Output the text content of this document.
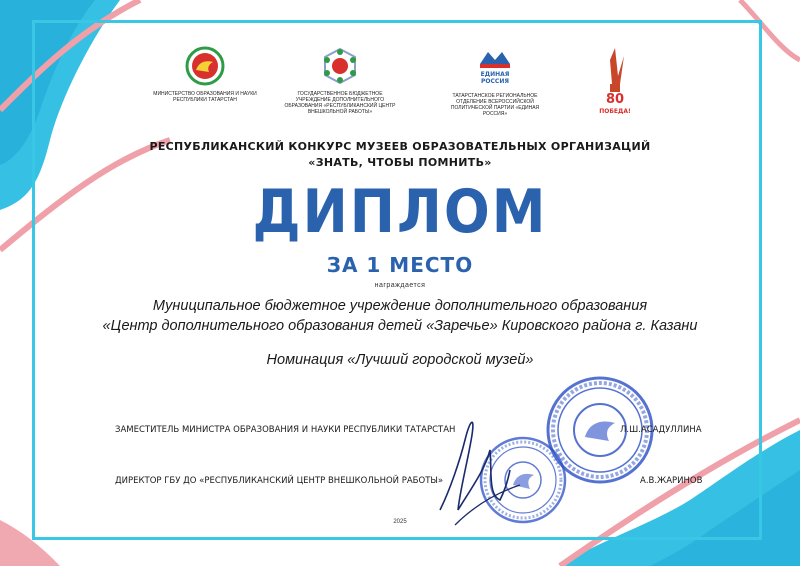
МИНИСТЕРСТВО ОБРАЗОВАНИЯ И НАУКИ РЕСПУБЛИКИ ТАТАРСТАН
ГОСУДАРСТВЕННОЕ БЮДЖЕТНОЕ УЧРЕЖДЕНИЕ ДОПОЛНИТЕЛЬНОГО ОБРАЗОВАНИЯ «РЕСПУБЛИКАНСКИЙ ЦЕНТР ВНЕШКОЛЬНОЙ РАБОТЫ»
ЕДИНАЯ
РОССИЯ
ТАТАРСТАНСКОЕ РЕГИОНАЛЬНОЕ ОТДЕЛЕНИЕ ВСЕРОССИЙСКОЙ ПОЛИТИЧЕСКОЙ ПАРТИИ «ЕДИНАЯ РОССИЯ»
80
ПОБЕДА!
РЕСПУБЛИКАНСКИЙ КОНКУРС МУЗЕЕВ ОБРАЗОВАТЕЛЬНЫХ ОРГАНИЗАЦИЙ
«ЗНАТЬ, ЧТОБЫ ПОМНИТЬ»
ДИПЛОМ
ЗА 1 МЕСТО
награждается
Муниципальное бюджетное учреждение дополнительного образования
«Центр дополнительного образования детей «Заречье» Кировского района г. Казани
Номинация «Лучший городской музей»
ЗАМЕСТИТЕЛЬ МИНИСТРА ОБРАЗОВАНИЯ И НАУКИ РЕСПУБЛИКИ ТАТАРСТАН	Л.Ш.АСАДУЛЛИНА
ДИРЕКТОР ГБУ ДО «РЕСПУБЛИКАНСКИЙ ЦЕНТР ВНЕШКОЛЬНОЙ РАБОТЫ»	А.В.ЖАРИНОВ
2025
